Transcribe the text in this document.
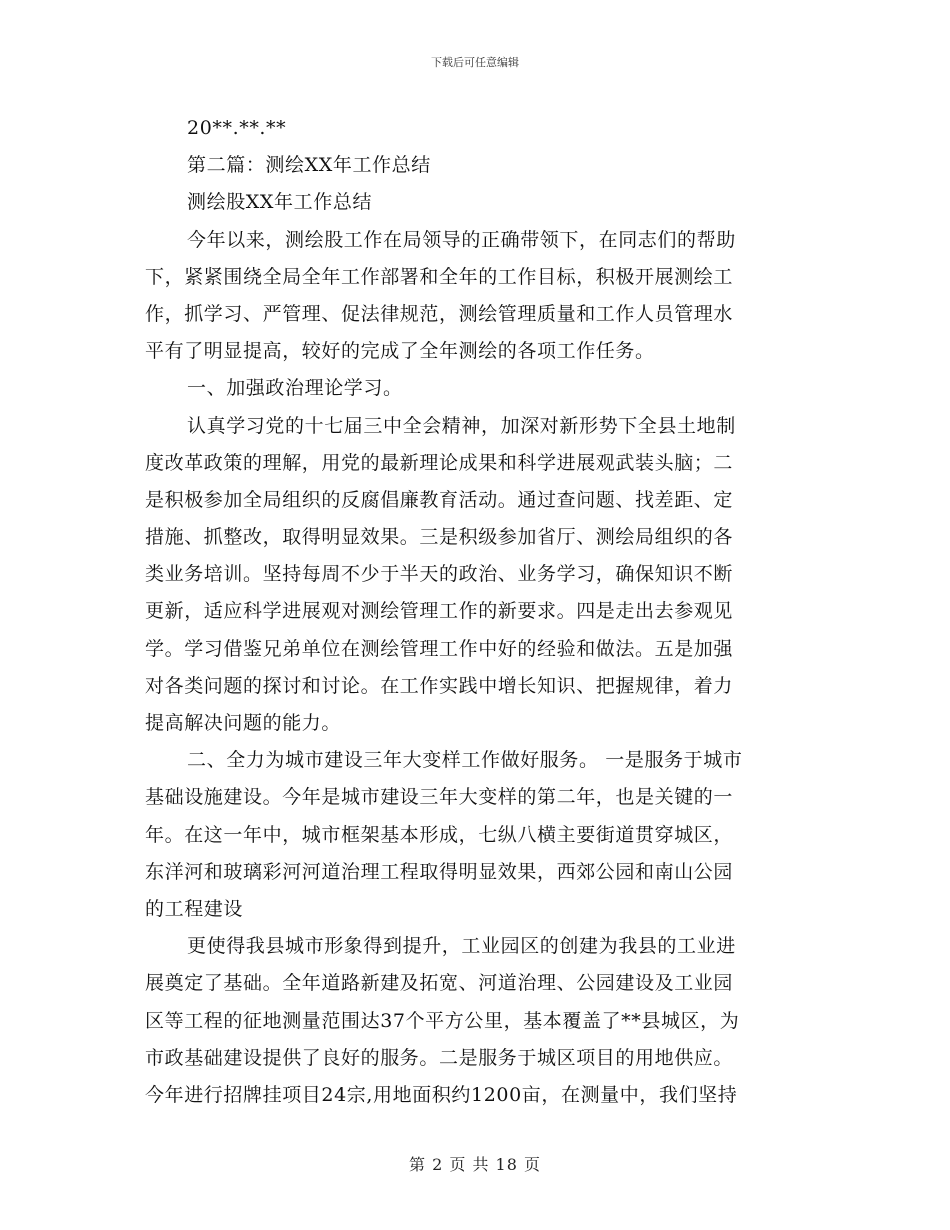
下载后可任意编辑
20**.**.**
第二篇：测绘XX年工作总结
测绘股XX年工作总结
今年以来，测绘股工作在局领导的正确带领下，在同志们的帮助
下，紧紧围绕全局全年工作部署和全年的工作目标，积极开展测绘工
作，抓学习、严管理、促法律规范，测绘管理质量和工作人员管理水
平有了明显提高，较好的完成了全年测绘的各项工作任务。
一、加强政治理论学习。
认真学习党的十七届三中全会精神，加深对新形势下全县土地制
度改革政策的理解，用党的最新理论成果和科学进展观武装头脑；二
是积极参加全局组织的反腐倡廉教育活动。通过查问题、找差距、定
措施、抓整改，取得明显效果。三是积级参加省厅、测绘局组织的各
类业务培训。坚持每周不少于半天的政治、业务学习，确保知识不断
更新，适应科学进展观对测绘管理工作的新要求。四是走出去参观见
学。学习借鉴兄弟单位在测绘管理工作中好的经验和做法。五是加强
对各类问题的探讨和讨论。在工作实践中增长知识、把握规律，着力
提高解决问题的能力。
二、全力为城市建设三年大变样工作做好服务。 一是服务于城市
基础设施建设。今年是城市建设三年大变样的第二年，也是关键的一
年。在这一年中，城市框架基本形成，七纵八横主要街道贯穿城区，
东洋河和玻璃彩河河道治理工程取得明显效果，西郊公园和南山公园
的工程建设
更使得我县城市形象得到提升，工业园区的创建为我县的工业进
展奠定了基础。全年道路新建及拓宽、河道治理、公园建设及工业园
区等工程的征地测量范围达37个平方公里，基本覆盖了**县城区，为
市政基础建设提供了良好的服务。二是服务于城区项目的用地供应。
今年进行招牌挂项目24宗,用地面积约1200亩，在测量中，我们坚持
第 2 页 共 18 页
